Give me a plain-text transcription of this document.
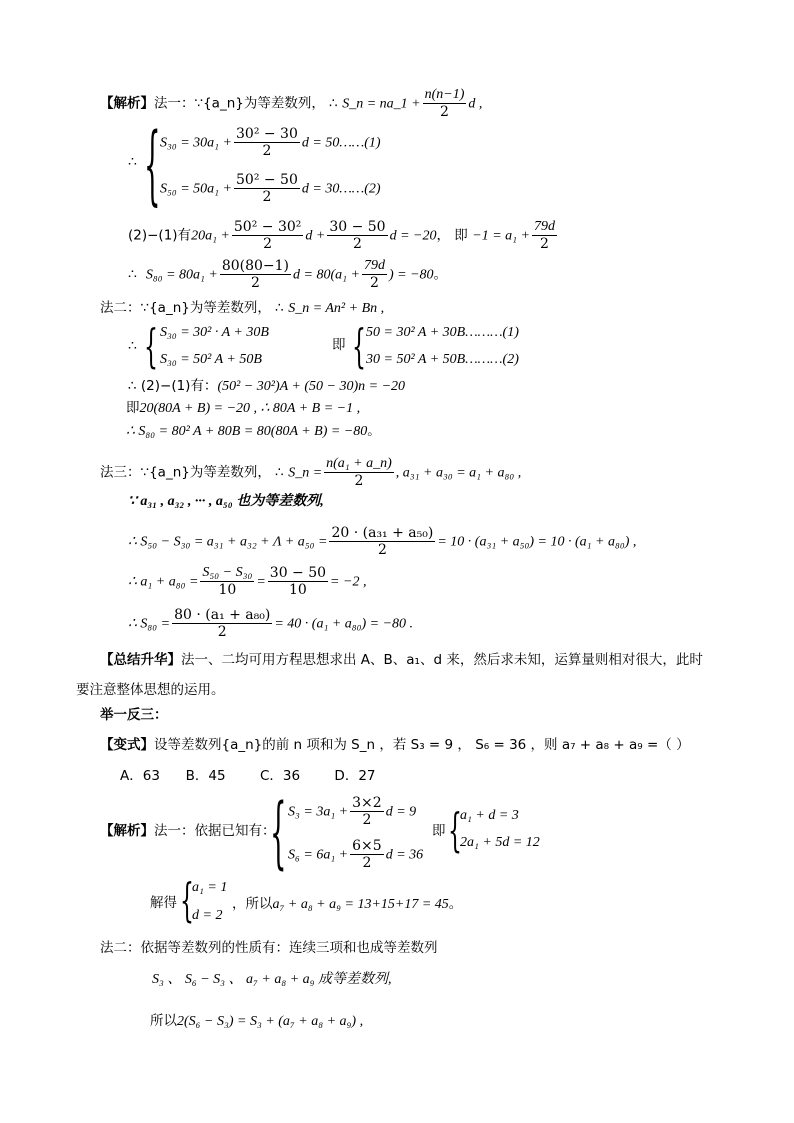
【解析】法一：∵{a_n}为等差数列， ∴ S_n = na_1 + $\frac{n(n-1)}{2}$ d ,
∴ { $S_{30} = 30a_1 + \frac{\text{30² − 30}}{2}$ d = 50……(1)
$S_{50} = 50a_1 + \frac{\text{50² − 50}}{2}$ d = 30……(2)
(2)−(1)有$20a_1 + \frac{\text{50² − 30²}}{2}$ $d + \frac{30 - 50}{2}$ d = −20， 即 $-1 = a_1 + \frac{79d}{2}$
∴ $S_{80} = 80a_1 + \frac{80(80-1)}{2}$ $d = 80(a_1 + \frac{79d}{2}$ ) = −80。
法二：∵{a_n}为等差数列， ∴ S_n = An² + Bn ,
∴ { S₃₀ = 30² · A + 30B
S₃₀ = 50² A + 50B
即 { 50 = 30² A + 30B………(1)
30 = 50² A + 50B………(2)
∴ (2)−(1)有：(50² − 30²)A + (50 − 30)n = −20
即20(80A + B) = −20 , ∴ 80A + B = −1 ,
∴ S₈₀ = 80² A + 80B = 80(80A + B) = −80。
法三：∵{a_n}为等差数列， ∴ S_n = $\frac{\text{n(a₁ + a\_n)}}{2}$ , a₃₁ + a₃₀ = a₁ + a₈₀ ,
∵ a₃₁ , a₃₂ , ··· , a₅₀ 也为等差数列,
∴ $S_{50} - S_{30} = a_{31} + a_{32} + \Lambda + a_{50} = \frac{\text{20 · (a₃₁ + a₅₀)}}{2} = 10 \cdot (a_{31} + a_{50}) = 10 \cdot (a_1 + a_{80})$ ,
∴ $a_1 + a_{80} = \frac{\text{S₅₀ − S₃₀}}{10} = \frac{30 - 50}{10} = -2$ ,
∴ $S_{80} = \frac{\text{80 · (a₁ + a₈₀)}}{2} = 40 \cdot (a_1 + a_{80}) = -80$ .
【总结升华】法一、二均可用方程思想求出 A、B、a₁、d 来，然后求未知，运算量则相对很大，此时
要注意整体思想的运用。
举一反三：
【变式】设等差数列{a_n}的前 n 项和为 S_n ，若 S₃ = 9 ， S₆ = 36 ，则 a₇ + a₈ + a₉ =（ ）
A．63 B．45	C．36	D．27
【解析】法一：依据已知有：
{ $S_3 = 3a_1 + \frac{3\times 2}{2}$ d = 9
$S_6 = 6a_1 + \frac{6\times 5}{2}$ d = 36
即 {
a₁ + d = 3
2a₁ + 5d = 12
解得 {
a₁ = 1
d = 2
，所以a₇ + a₈ + a₉ = 13+15+17 = 45。
法二：依据等差数列的性质有：连续三项和也成等差数列
S₃ 、 S₆ − S₃ 、 a₇ + a₈ + a₉ 成等差数列,
所以2(S₆ − S₃) = S₃ + (a₇ + a₈ + a₉) ,
